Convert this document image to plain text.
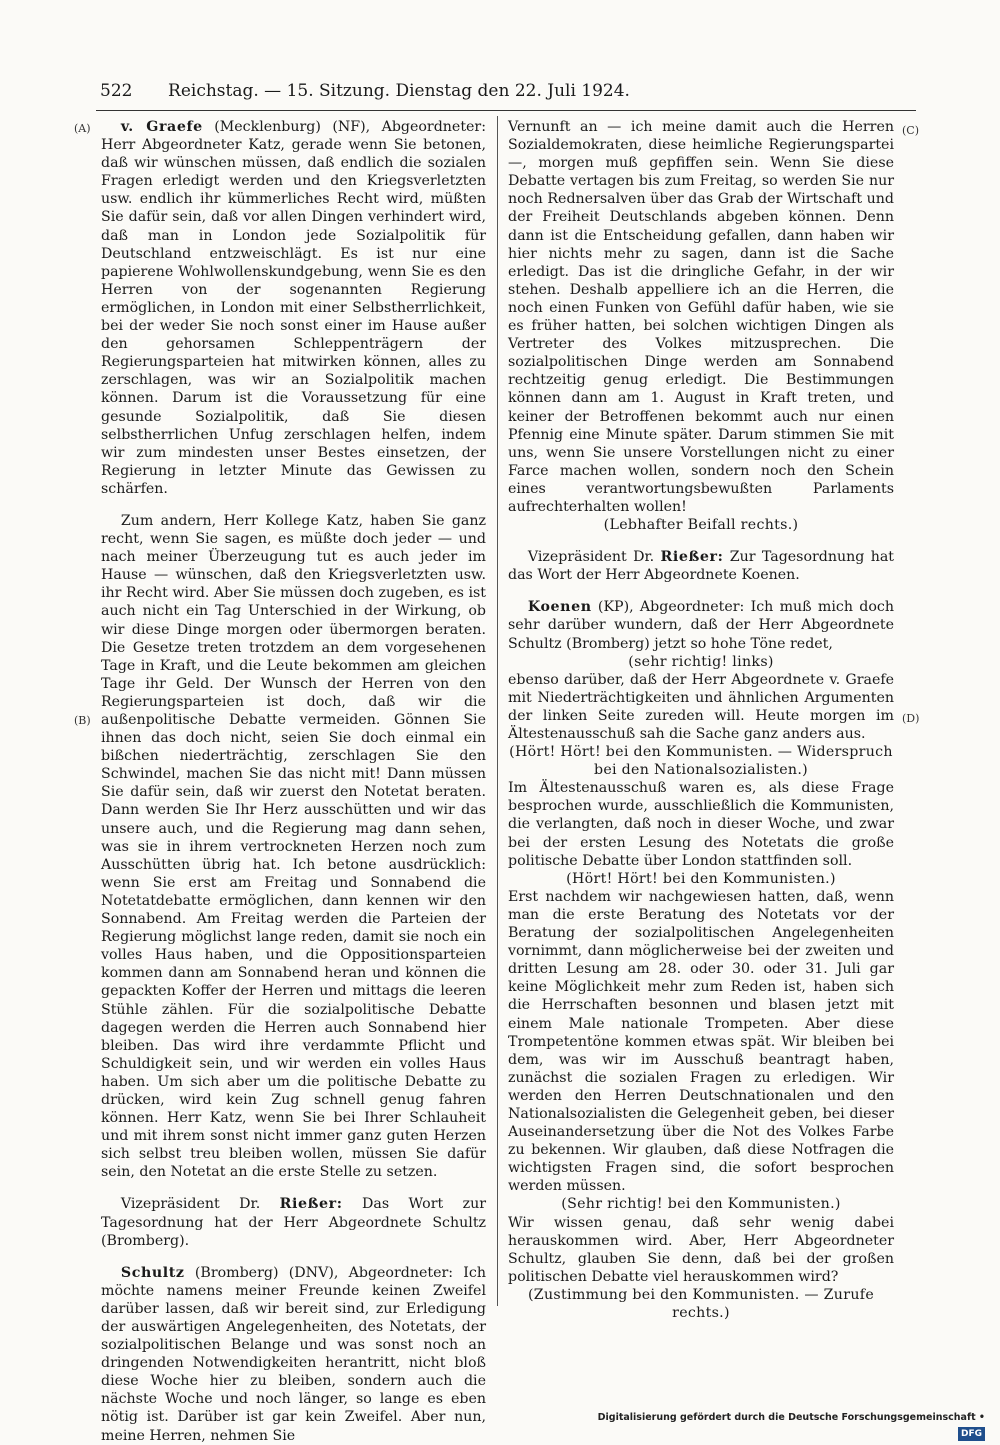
522	Reichstag. — 15. Sitzung. Dienstag den 22. Juli 1924.
(A)	(C)
(B)	(D)

v. Graefe (Mecklenburg) (NF), Abgeordneter: Herr Abgeordneter Katz, gerade wenn Sie betonen, daß wir wünschen müssen, daß endlich die sozialen Fragen erledigt werden und den Kriegsverletzten usw. endlich ihr kümmerliches Recht wird, müßten Sie dafür sein, daß vor allen Dingen verhindert wird, daß man in London jede Sozialpolitik für Deutschland entzweischlägt. Es ist nur eine papierene Wohlwollenskundgebung, wenn Sie es den Herren von der sogenannten Regierung ermöglichen, in London mit einer Selbstherrlichkeit, bei der weder Sie noch sonst einer im Hause außer den gehorsamen Schleppenträgern der Regierungsparteien hat mitwirken können, alles zu zerschlagen, was wir an Sozialpolitik machen können. Darum ist die Voraussetzung für eine gesunde Sozialpolitik, daß Sie diesen selbstherrlichen Unfug zerschlagen helfen, indem wir zum mindesten unser Bestes einsetzen, der Regierung in letzter Minute das Gewissen zu schärfen.

Zum andern, Herr Kollege Katz, haben Sie ganz recht, wenn Sie sagen, es müßte doch jeder — und nach meiner Überzeugung tut es auch jeder im Hause — wünschen, daß den Kriegsverletzten usw. ihr Recht wird. Aber Sie müssen doch zugeben, es ist auch nicht ein Tag Unterschied in der Wirkung, ob wir diese Dinge morgen oder übermorgen beraten. Die Gesetze treten trotzdem an dem vorgesehenen Tage in Kraft, und die Leute bekommen am gleichen Tage ihr Geld. Der Wunsch der Herren von den Regierungsparteien ist doch, daß wir die außenpolitische Debatte vermeiden. Gönnen Sie ihnen das doch nicht, seien Sie doch einmal ein bißchen niederträchtig, zerschlagen Sie den Schwindel, machen Sie das nicht mit! Dann müssen Sie dafür sein, daß wir zuerst den Notetat beraten. Dann werden Sie Ihr Herz ausschütten und wir das unsere auch, und die Regierung mag dann sehen, was sie in ihrem vertrockneten Herzen noch zum Ausschütten übrig hat. Ich betone ausdrücklich: wenn Sie erst am Freitag und Sonnabend die Notetatdebatte ermöglichen, dann kennen wir den Sonnabend. Am Freitag werden die Parteien der Regierung möglichst lange reden, damit sie noch ein volles Haus haben, und die Oppositionsparteien kommen dann am Sonnabend heran und können die gepackten Koffer der Herren und mittags die leeren Stühle zählen. Für die sozialpolitische Debatte dagegen werden die Herren auch Sonnabend hier bleiben. Das wird ihre verdammte Pflicht und Schuldigkeit sein, und wir werden ein volles Haus haben. Um sich aber um die politische Debatte zu drücken, wird kein Zug schnell genug fahren können. Herr Katz, wenn Sie bei Ihrer Schlauheit und mit ihrem sonst nicht immer ganz guten Herzen sich selbst treu bleiben wollen, müssen Sie dafür sein, den Notetat an die erste Stelle zu setzen.

Vizepräsident Dr. Rießer: Das Wort zur Tagesordnung hat der Herr Abgeordnete Schultz (Bromberg).

Schultz (Bromberg) (DNV), Abgeordneter: Ich möchte namens meiner Freunde keinen Zweifel darüber lassen, daß wir bereit sind, zur Erledigung der auswärtigen Angelegenheiten, des Notetats, der sozialpolitischen Belange und was sonst noch an dringenden Notwendigkeiten herantritt, nicht bloß diese Woche hier zu bleiben, sondern auch die nächste Woche und noch länger, so lange es eben nötig ist. Darüber ist gar kein Zweifel. Aber nun, meine Herren, nehmen Sie

Vernunft an — ich meine damit auch die Herren Sozialdemokraten, diese heimliche Regierungspartei —, morgen muß gepfiffen sein. Wenn Sie diese Debatte vertagen bis zum Freitag, so werden Sie nur noch Rednersalven über das Grab der Wirtschaft und der Freiheit Deutschlands abgeben können. Denn dann ist die Entscheidung gefallen, dann haben wir hier nichts mehr zu sagen, dann ist die Sache erledigt. Das ist die dringliche Gefahr, in der wir stehen. Deshalb appelliere ich an die Herren, die noch einen Funken von Gefühl dafür haben, wie sie es früher hatten, bei solchen wichtigen Dingen als Vertreter des Volkes mitzusprechen. Die sozialpolitischen Dinge werden am Sonnabend rechtzeitig genug erledigt. Die Bestimmungen können dann am 1. August in Kraft treten, und keiner der Betroffenen bekommt auch nur einen Pfennig eine Minute später. Darum stimmen Sie mit uns, wenn Sie unsere Vorstellungen nicht zu einer Farce machen wollen, sondern noch den Schein eines verantwortungsbewußten Parlaments aufrechterhalten wollen!

(Lebhafter Beifall rechts.)

Vizepräsident Dr. Rießer: Zur Tagesordnung hat das Wort der Herr Abgeordnete Koenen.

Koenen (KP), Abgeordneter: Ich muß mich doch sehr darüber wundern, daß der Herr Abgeordnete Schultz (Bromberg) jetzt so hohe Töne redet,

(sehr richtig! links)

ebenso darüber, daß der Herr Abgeordnete v. Graefe mit Niederträchtigkeiten und ähnlichen Argumenten der linken Seite zureden will. Heute morgen im Ältestenausschuß sah die Sache ganz anders aus.

(Hört! Hört! bei den Kommunisten. — Widerspruch bei den Nationalsozialisten.)

Im Ältestenausschuß waren es, als diese Frage besprochen wurde, ausschließlich die Kommunisten, die verlangten, daß noch in dieser Woche, und zwar bei der ersten Lesung des Notetats die große politische Debatte über London stattfinden soll.

(Hört! Hört! bei den Kommunisten.)

Erst nachdem wir nachgewiesen hatten, daß, wenn man die erste Beratung des Notetats vor der Beratung der sozialpolitischen Angelegenheiten vornimmt, dann möglicherweise bei der zweiten und dritten Lesung am 28. oder 30. oder 31. Juli gar keine Möglichkeit mehr zum Reden ist, haben sich die Herrschaften besonnen und blasen jetzt mit einem Male nationale Trompeten. Aber diese Trompetentöne kommen etwas spät. Wir bleiben bei dem, was wir im Ausschuß beantragt haben, zunächst die sozialen Fragen zu erledigen. Wir werden den Herren Deutschnationalen und den Nationalsozialisten die Gelegenheit geben, bei dieser Auseinandersetzung über die Not des Volkes Farbe zu bekennen. Wir glauben, daß diese Notfragen die wichtigsten Fragen sind, die sofort besprochen werden müssen.

(Sehr richtig! bei den Kommunisten.)

Wir wissen genau, daß sehr wenig dabei herauskommen wird. Aber, Herr Abgeordneter Schultz, glauben Sie denn, daß bei der großen politischen Debatte viel herauskommen wird?

(Zustimmung bei den Kommunisten. — Zurufe rechts.)

Digitalisierung gefördert durch die Deutsche Forschungsgemeinschaft •DFG
